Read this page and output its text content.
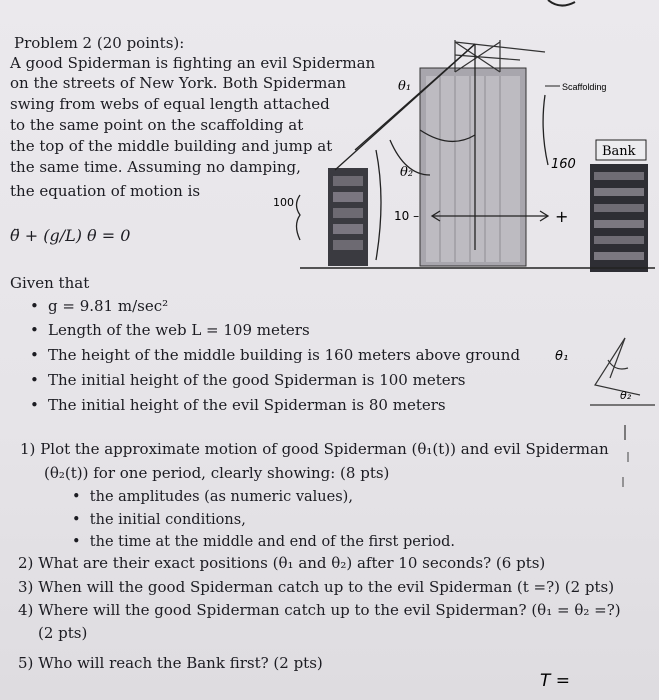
Problem 2 (20 points):
A good Spiderman is fighting an evil Spiderman
on the streets of New York. Both Spiderman
swing from webs of equal length attached
to the same point on the scaffolding at
the top of the middle building and jump at
the same time. Assuming no damping,
the equation of motion is
θ̈ + (g/L) θ = 0
Given that
• g = 9.81 m/sec²
• Length of the web L = 109 meters
• The height of the middle building is 160 meters above ground
• The initial height of the good Spiderman is 100 meters
• The initial height of the evil Spiderman is 80 meters
1) Plot the approximate motion of good Spiderman (θ₁(t)) and evil Spiderman
(θ₂(t)) for one period, clearly showing: (8 pts)
•  the amplitudes (as numeric values),
•  the initial conditions,
•  the time at the middle and end of the first period.
2) What are their exact positions (θ₁ and θ₂) after 10 seconds? (6 pts)
3) When will the good Spiderman catch up to the evil Spiderman (t =?) (2 pts)
4) Where will the good Spiderman catch up to the evil Spiderman? (θ₁ = θ₂ =?)
(2 pts)
5) Who will reach the Bank first? (2 pts)
Scaffolding
Bank
θ₁
θ₂
100
160
10 –	+
θ₁
θ₂
T =
